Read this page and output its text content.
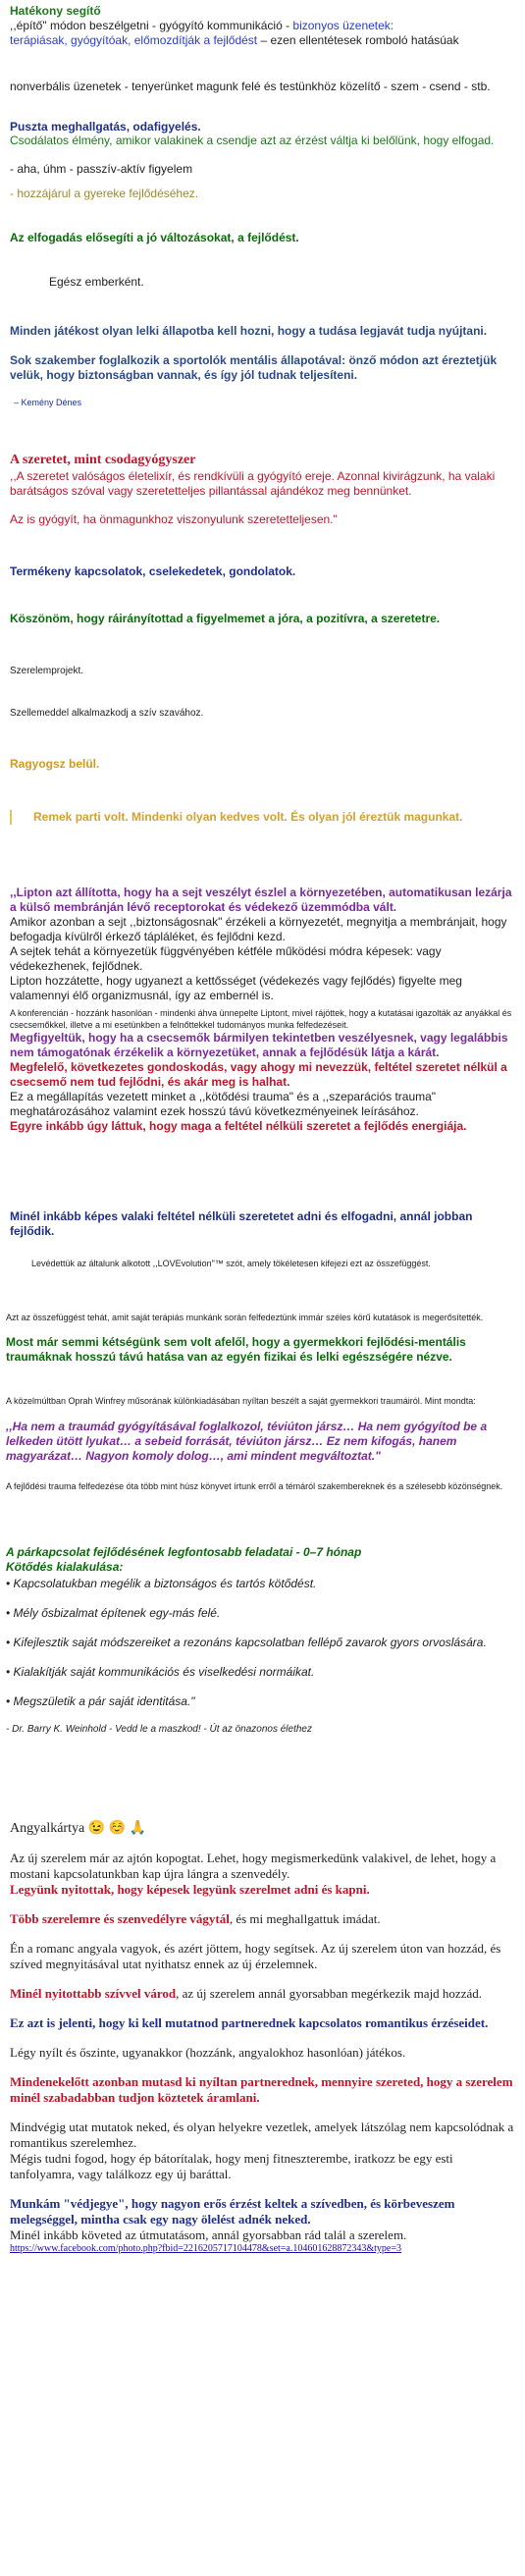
Hatékony segítő

,,építő" módon beszélgetni - gyógyító kommunikáció - bizonyos üzenetek:

terápiásak, gyógyítóak, előmozdítják a fejlődést – ezen ellentétesek romboló hatásúak

nonverbális üzenetek - tenyerünket magunk felé és testünkhöz közelítő - szem - csend - stb.

Puszta meghallgatás, odafigyelés.

Csodálatos élmény, amikor valakinek a csendje azt az érzést váltja ki belőlünk, hogy elfogad.

- aha, úhm - passzív-aktív figyelem

- hozzájárul a gyereke fejlődéséhez.

Az elfogadás elősegíti a jó változásokat, a fejlődést.

Egész emberként.

Minden játékost olyan lelki állapotba kell hozni, hogy a tudása legjavát tudja nyújtani.

Sok szakember foglalkozik a sportolók mentális állapotával: önző módon azt éreztetjük velük, hogy biztonságban vannak, és így jól tudnak teljesíteni.

– Kemény Dénes

A szeretet, mint csodagyógyszer

,,A szeretet valóságos életelixír, és rendkívüli a gyógyító ereje. Azonnal kivirágzunk, ha valaki barátságos szóval vagy szeretetteljes pillantással ajándékoz meg bennünket.

Az is gyógyít, ha önmagunkhoz viszonyulunk szeretetteljesen."

Termékeny kapcsolatok, cselekedetek, gondolatok.

Köszönöm, hogy ráirányítottad a figyelmemet a jóra, a pozitívra, a szeretetre.

Szerelemprojekt.

Szellemeddel alkalmazkodj a szív szavához.

Ragyogsz belül.

Remek parti volt. Mindenki olyan kedves volt. És olyan jól éreztük magunkat.

,,Lipton azt állította, hogy ha a sejt veszélyt észlel a környezetében, automatikusan lezárja a külső membránján lévő receptorokat és védekező üzemmódba vált.

Amikor azonban a sejt ,,biztonságosnak" érzékeli a környezetét, megnyitja a membránjait, hogy befogadja kívülről érkező tápláléket, és fejlődni kezd.

A sejtek tehát a környezetük függvényében kétféle működési módra képesek: vagy védekezhenek, fejlődnek.

Lipton hozzátette, hogy ugyanezt a kettősséget (védekezés vagy fejlődés) figyelte meg valamennyi élő organizmusnál, így az embernél is.

A konferencián - hozzánk hasonlóan - mindenki áhva ünnepelte Liptont, mivel rájöttek, hogy a kutatásai igazolták az anyákkal és csecsemőkkel, illetve a mi esetünkben a felnőttekkel tudományos munka felfedezéseit.

Megfigyeltük, hogy ha a csecsemők bármilyen tekintetben veszélyesnek, vagy legalábbis nem támogatónak érzékelik a környezetüket, annak a fejlődésük látja a kárát.

Megfelelő, következetes gondoskodás, vagy ahogy mi nevezzük, feltétel szeretet nélkül a csecsemő nem tud fejlődni, és akár meg is halhat.

Ez a megállapítás vezetett minket a ,,kötődési trauma" és a ,,szeparációs trauma" meghatározásához valamint ezek hosszú távú következményeinek leírásához.

Egyre inkább úgy láttuk, hogy maga a feltétel nélküli szeretet a fejlődés energiája.

Minél inkább képes valaki feltétel nélküli szeretetet adni és elfogadni, annál jobban fejlődik.

Levédettük az általunk alkotott ,,LOVEvolution"™ szót, amely tökéletesen kifejezi ezt az összefüggést.

Azt az összefüggést tehát, amit saját terápiás munkánk során felfedeztünk immár széles körű kutatások is megerősítették.

Most már semmi kétségünk sem volt afelől, hogy a gyermekkori fejlődési-mentális traumáknak hosszú távú hatása van az egyén fizikai és lelki egészségére nézve.

A közelmúltban Oprah Winfrey műsorának különkiadásában nyíltan beszélt a saját gyermekkori traumáiról. Mint mondta:

,,Ha nem a traumád gyógyításával foglalkozol, téviúton jársz… Ha nem gyógyítod be a lelkeden ütött lyukat… a sebeid forrását, téviúton jársz… Ez nem kifogás, hanem magyarázat… Nagyon komoly dolog…, ami mindent megváltoztat."

A fejlődési trauma felfedezése óta több mint húsz könyvet írtunk erről a témáról szakembereknek és a szélesebb közönségnek.

A párkapcsolat fejlődésének legfontosabb feladatai - 0–7 hónap

Kötődés kialakulása:

• Kapcsolatukban megélik a biztonságos és tartós kötődést.

• Mély ősbizalmat építenek egy-más felé.

• Kifejlesztik saját módszereiket a rezonáns kapcsolatban fellépő zavarok gyors orvoslására.

• Kialakítják saját kommunikációs és viselkedési normáikat.

• Megszületik a pár saját identitása."

- Dr. Barry K. Weinhold - Vedd le a maszkod! - Út az önazonos élethez

Angyalkártya 😉 ☺️ 🙏

Az új szerelem már az ajtón kopogtat. Lehet, hogy megismerkedünk valakivel, de lehet, hogy a mostani kapcsolatunkban kap újra lángra a szenvedély.

Legyünk nyitottak, hogy képesek legyünk szerelmet adni és kapni.

Több szerelemre és szenvedélyre vágytál, és mi meghallgattuk imádat.

Én a romanc angyala vagyok, és azért jöttem, hogy segítsek. Az új szerelem úton van hozzád, és szíved megnyitásával utat nyithatsz ennek az új érzelemnek.

Minél nyitottabb szívvel várod, az új szerelem annál gyorsabban megérkezik majd hozzád.

Ez azt is jelenti, hogy ki kell mutatnod partnerednek kapcsolatos romantikus érzéseidet.

Légy nyílt és őszinte, ugyanakkor (hozzánk, angyalokhoz hasonlóan) játékos.

Mindenekelőtt azonban mutasd ki nyíltan partnerednek, mennyire szereted, hogy a szerelem minél szabadabban tudjon köztetek áramlani.

Mindvégig utat mutatok neked, és olyan helyekre vezetlek, amelyek látszólag nem kapcsolódnak a romantikus szerelemhez.

Mégis tudni fogod, hogy ép bátorítalak, hogy menj fitneszterembe, iratkozz be egy esti tanfolyamra, vagy találkozz egy új baráttal.

Munkám "védjegye", hogy nagyon erős érzést keltek a szívedben, és körbeveszem melegséggel, mintha csak egy nagy ölelést adnék neked.

Minél inkább követed az útmutatásom, annál gyorsabban rád talál a szerelem.

https://www.facebook.com/photo.php?fbid=2216205717104478&set=a.104601628872343&type=3
